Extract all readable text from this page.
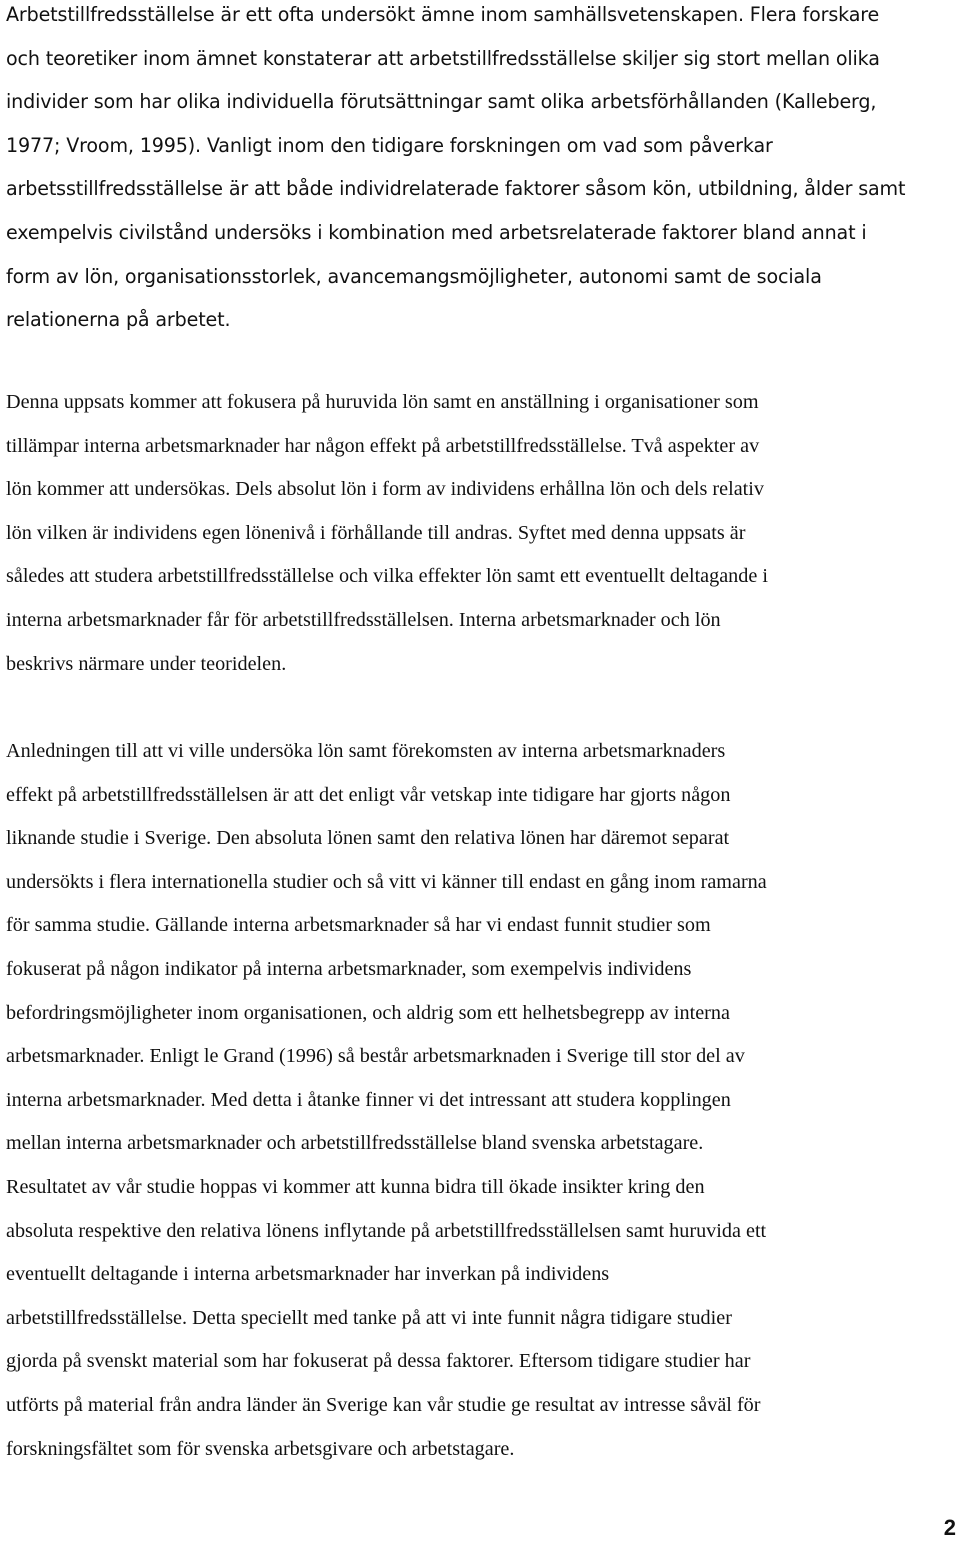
Arbetstillfredsställelse är ett ofta undersökt ämne inom samhällsvetenskapen. Flera forskare
och teoretiker inom ämnet konstaterar att arbetstillfredsställelse skiljer sig stort mellan olika
individer som har olika individuella förutsättningar samt olika arbetsförhållanden (Kalleberg,
1977; Vroom, 1995). Vanligt inom den tidigare forskningen om vad som påverkar
arbetsstillfredsställelse är att både individrelaterade faktorer såsom kön, utbildning, ålder samt
exempelvis civilstånd undersöks i kombination med arbetsrelaterade faktorer bland annat i
form av lön, organisationsstorlek, avancemangsmöjligheter, autonomi samt de sociala
relationerna på arbetet.
Denna uppsats kommer att fokusera på huruvida lön samt en anställning i organisationer som
tillämpar interna arbetsmarknader har någon effekt på arbetstillfredsställelse. Två aspekter av
lön kommer att undersökas. Dels absolut lön i form av individens erhållna lön och dels relativ
lön vilken är individens egen lönenivå i förhållande till andras. Syftet med denna uppsats är
således att studera arbetstillfredsställelse och vilka effekter lön samt ett eventuellt deltagande i
interna arbetsmarknader får för arbetstillfredsställelsen. Interna arbetsmarknader och lön
beskrivs närmare under teoridelen.
Anledningen till att vi ville undersöka lön samt förekomsten av interna arbetsmarknaders
effekt på arbetstillfredsställelsen är att det enligt vår vetskap inte tidigare har gjorts någon
liknande studie i Sverige. Den absoluta lönen samt den relativa lönen har däremot separat
undersökts i flera internationella studier och så vitt vi känner till endast en gång inom ramarna
för samma studie. Gällande interna arbetsmarknader så har vi endast funnit studier som
fokuserat på någon indikator på interna arbetsmarknader, som exempelvis individens
befordringsmöjligheter inom organisationen, och aldrig som ett helhetsbegrepp av interna
arbetsmarknader. Enligt le Grand (1996) så består arbetsmarknaden i Sverige till stor del av
interna arbetsmarknader. Med detta i åtanke finner vi det intressant att studera kopplingen
mellan interna arbetsmarknader och arbetstillfredsställelse bland svenska arbetstagare.
Resultatet av vår studie hoppas vi kommer att kunna bidra till ökade insikter kring den
absoluta respektive den relativa lönens inflytande på arbetstillfredsställelsen samt huruvida ett
eventuellt deltagande i interna arbetsmarknader har inverkan på individens
arbetstillfredsställelse. Detta speciellt med tanke på att vi inte funnit några tidigare studier
gjorda på svenskt material som har fokuserat på dessa faktorer. Eftersom tidigare studier har
utförts på material från andra länder än Sverige kan vår studie ge resultat av intresse såväl för
forskningsfältet som för svenska arbetsgivare och arbetstagare.
2
